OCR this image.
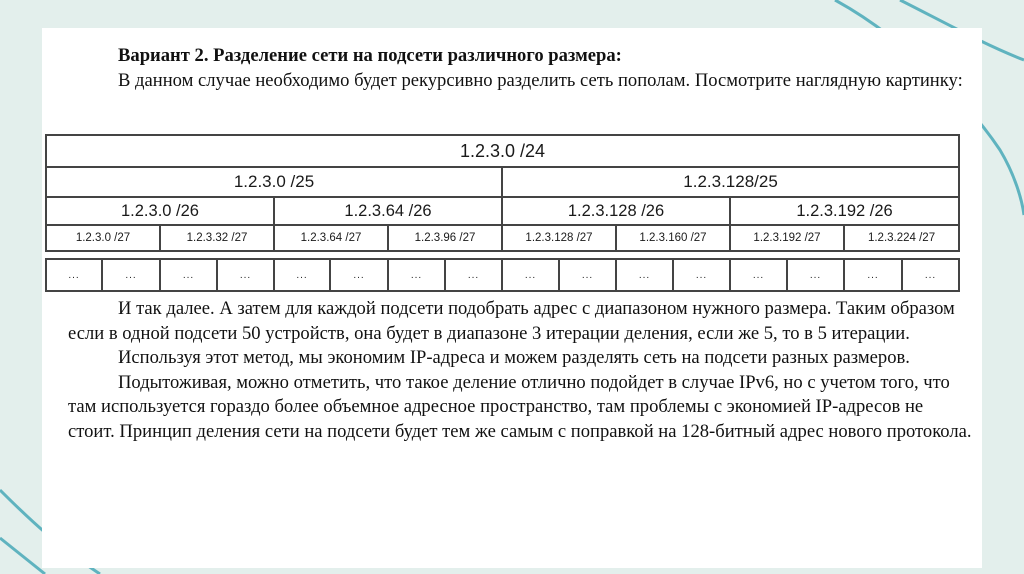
Вариант 2. Разделение сети на подсети различного размера:

В данном случае необходимо будет рекурсивно разделить сеть пополам. Посмотрите наглядную картинку:

1.2.3.0 /24															
1.2.3.0 /25								1.2.3.128/25							
1.2.3.0 /26				1.2.3.64 /26				1.2.3.128 /26				1.2.3.192 /26			
1.2.3.0 /27		1.2.3.32 /27		1.2.3.64 /27		1.2.3.96 /27		1.2.3.128 /27		1.2.3.160 /27		1.2.3.192 /27		1.2.3.224 /27	

...	...	...	...	...	...	...	...	...	...	...	...	...	...	...	...

И так далее. А затем для каждой подсети подобрать адрес с диапазоном нужного размера. Таким образом если в одной подсети 50 устройств, она будет в диапазоне 3 итерации деления, если же 5, то в 5 итерации.

Используя этот метод, мы экономим IP-адреса и можем разделять сеть на подсети разных размеров.

Подытоживая, можно отметить, что такое деление отлично подойдет в случае IPv6, но с учетом того, что там используется гораздо более объемное адресное пространство, там проблемы с экономией IP-адресов не стоит. Принцип деления сети на подсети будет тем же самым с поправкой на 128-битный адрес нового протокола.
